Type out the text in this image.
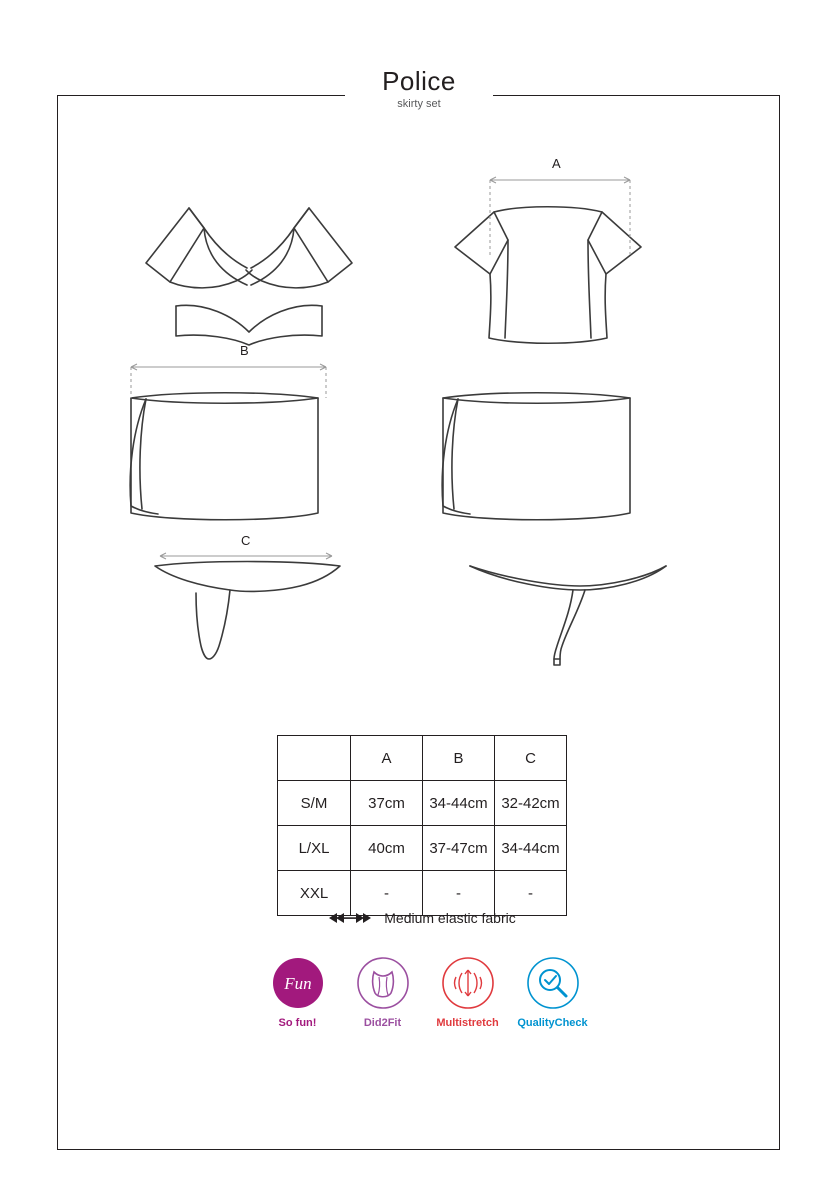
Police
skirty set
A
B
C
	A	B	C
S/M	37cm	34-44cm	32-42cm
L/XL	40cm	37-47cm	34-44cm
XXL	-	-	-
Medium elastic fabric
Fun
So fun!	Did2Fit	Multistretch	QualityCheck
